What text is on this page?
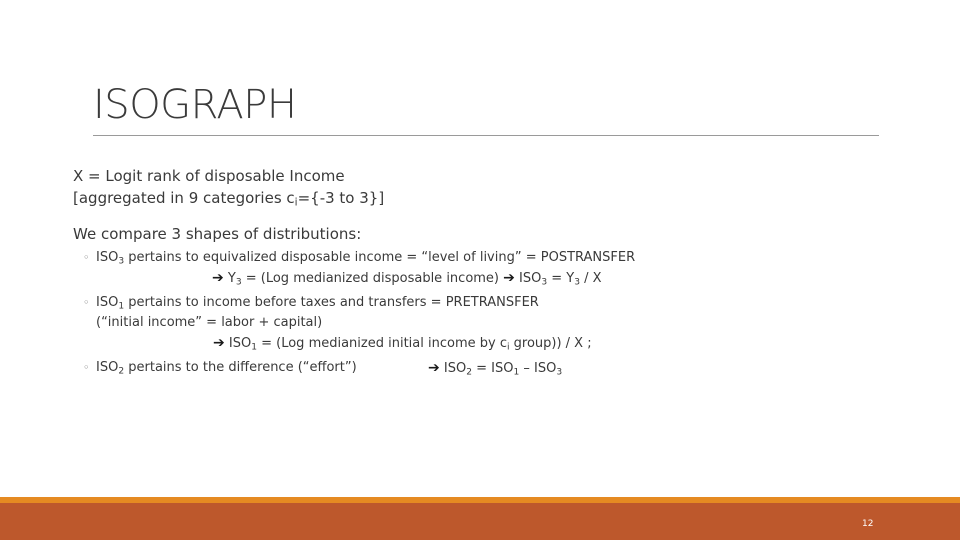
ISOGRAPH
X = Logit rank of disposable Income
[aggregated in 9 categories $c_i=\{-3$ to 3}]
We compare 3 shapes of distributions:
◦ $ISO_3$ pertains to equivalized disposable income = “level of living” = POSTRANSFER
➔ $Y_3 = (Log$ medianized disposable income) ➔ $ISO_3 = Y_3 / X$
◦ $ISO_1$ pertains to income before taxes and transfers = PRETRANSFER
(“initial income” = labor + capital)
➔ $ISO_1 = (Log$ medianized initial income by $c_i$ group)) / X ;
◦ $ISO_2$ pertains to the difference (“effort”)	➔ $ISO_2 = ISO_1 - ISO_3$
12
